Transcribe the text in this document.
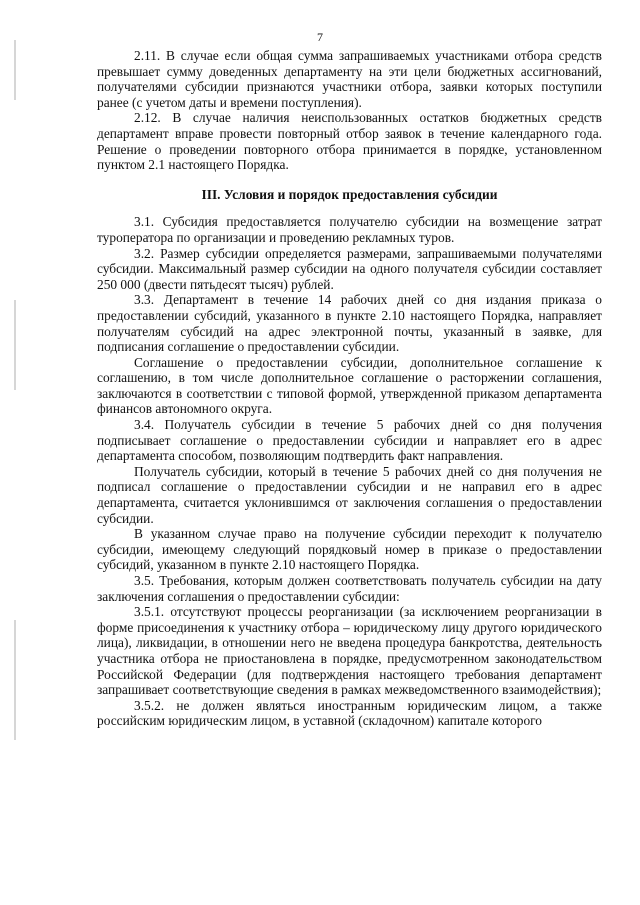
7

2.11. В случае если общая сумма запрашиваемых участниками отбора средств превышает сумму доведенных департаменту на эти цели бюджетных ассигнований, получателями субсидии признаются участники отбора, заявки которых поступили ранее (с учетом даты и времени поступления).

2.12. В случае наличия неиспользованных остатков бюджетных средств департамент вправе провести повторный отбор заявок в течение календарного года. Решение о проведении повторного отбора принимается в порядке, установленном пунктом 2.1 настоящего Порядка.

III. Условия и порядок предоставления субсидии

3.1. Субсидия предоставляется получателю субсидии на возмещение затрат туроператора по организации и проведению рекламных туров.

3.2. Размер субсидии определяется размерами, запрашиваемыми получателями субсидии. Максимальный размер субсидии на одного получателя субсидии составляет 250 000 (двести пятьдесят тысяч) рублей.

3.3. Департамент в течение 14 рабочих дней со дня издания приказа о предоставлении субсидий, указанного в пункте 2.10 настоящего Порядка, направляет получателям субсидий на адрес электронной почты, указанный в заявке, для подписания соглашение о предоставлении субсидии.

Соглашение о предоставлении субсидии, дополнительное соглашение к соглашению, в том числе дополнительное соглашение о расторжении соглашения, заключаются в соответствии с типовой формой, утвержденной приказом департамента финансов автономного округа.

3.4. Получатель субсидии в течение 5 рабочих дней со дня получения подписывает соглашение о предоставлении субсидии и направляет его в адрес департамента способом, позволяющим подтвердить факт направления.

Получатель субсидии, который в течение 5 рабочих дней со дня получения не подписал соглашение о предоставлении субсидии и не направил его в адрес департамента, считается уклонившимся от заключения соглашения о предоставлении субсидии.

В указанном случае право на получение субсидии переходит к получателю субсидии, имеющему следующий порядковый номер в приказе о предоставлении субсидий, указанном в пункте 2.10 настоящего Порядка.

3.5. Требования, которым должен соответствовать получатель субсидии на дату заключения соглашения о предоставлении субсидии:

3.5.1. отсутствуют процессы реорганизации (за исключением реорганизации в форме присоединения к участнику отбора – юридическому лицу другого юридического лица), ликвидации, в отношении него не введена процедура банкротства, деятельность участника отбора не приостановлена в порядке, предусмотренном законодательством Российской Федерации (для подтверждения настоящего требования департамент запрашивает соответствующие сведения в рамках межведомственного взаимодействия);

3.5.2. не должен являться иностранным юридическим лицом, а также российским юридическим лицом, в уставной (складочном) капитале которого
